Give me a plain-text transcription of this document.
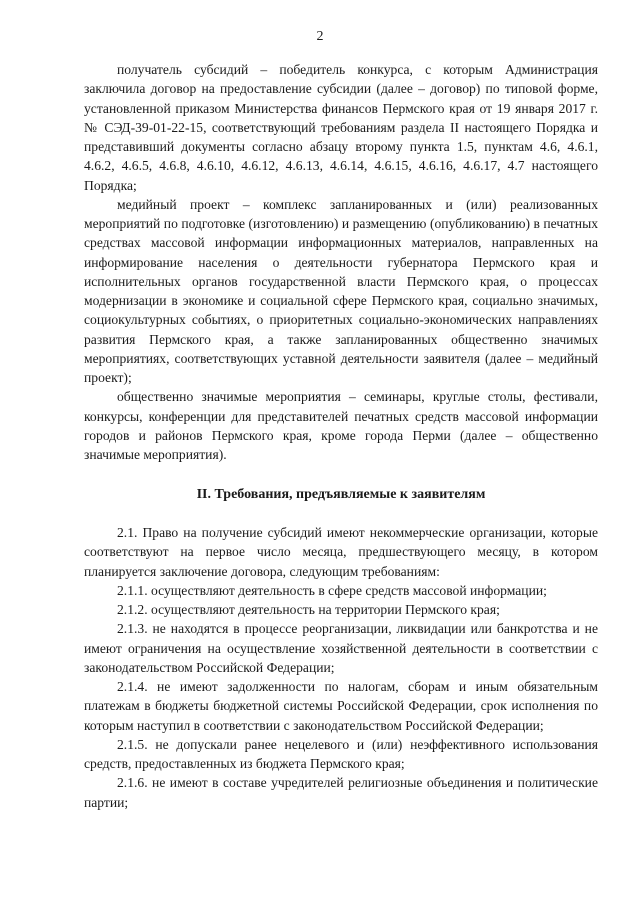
2

получатель субсидий – победитель конкурса, с которым Администрация заключила договор на предоставление субсидии (далее – договор) по типовой форме, установленной приказом Министерства финансов Пермского края от 19 января 2017 г. № СЭД-39-01-22-15, соответствующий требованиям раздела II настоящего Порядка и представивший документы согласно абзацу второму пункта 1.5, пунктам 4.6, 4.6.1, 4.6.2, 4.6.5, 4.6.8, 4.6.10, 4.6.12, 4.6.13, 4.6.14, 4.6.15, 4.6.16, 4.6.17, 4.7 настоящего Порядка;

медийный проект – комплекс запланированных и (или) реализованных мероприятий по подготовке (изготовлению) и размещению (опубликованию) в печатных средствах массовой информации информационных материалов, направленных на информирование населения о деятельности губернатора Пермского края и исполнительных органов государственной власти Пермского края, о процессах модернизации в экономике и социальной сфере Пермского края, социально значимых, социокультурных событиях, о приоритетных социально-экономических направлениях развития Пермского края, а также запланированных общественно значимых мероприятиях, соответствующих уставной деятельности заявителя (далее – медийный проект);

общественно значимые мероприятия – семинары, круглые столы, фестивали, конкурсы, конференции для представителей печатных средств массовой информации городов и районов Пермского края, кроме города Перми (далее – общественно значимые мероприятия).

II. Требования, предъявляемые к заявителям

2.1. Право на получение субсидий имеют некоммерческие организации, которые соответствуют на первое число месяца, предшествующего месяцу, в котором планируется заключение договора, следующим требованиям:

2.1.1. осуществляют деятельность в сфере средств массовой информации;

2.1.2. осуществляют деятельность на территории Пермского края;

2.1.3. не находятся в процессе реорганизации, ликвидации или банкротства и не имеют ограничения на осуществление хозяйственной деятельности в соответствии с законодательством Российской Федерации;

2.1.4. не имеют задолженности по налогам, сборам и иным обязательным платежам в бюджеты бюджетной системы Российской Федерации, срок исполнения по которым наступил в соответствии с законодательством Российской Федерации;

2.1.5. не допускали ранее нецелевого и (или) неэффективного использования средств, предоставленных из бюджета Пермского края;

2.1.6. не имеют в составе учредителей религиозные объединения и политические партии;
